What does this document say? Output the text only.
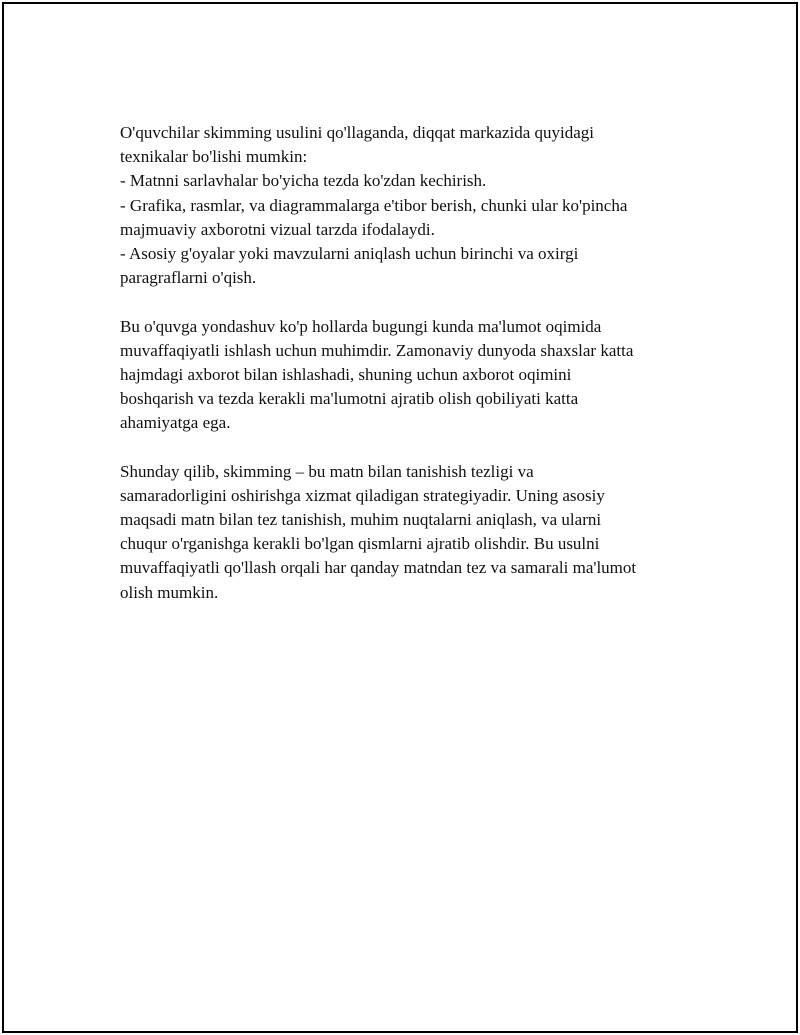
O'quvchilar skimming usulini qo'llaganda, diqqat markazida quyidagi
texnikalar bo'lishi mumkin:
- Matnni sarlavhalar bo'yicha tezda ko'zdan kechirish.
- Grafika, rasmlar, va diagrammalarga e'tibor berish, chunki ular ko'pincha
majmuaviy axborotni vizual tarzda ifodalaydi.
- Asosiy g'oyalar yoki mavzularni aniqlash uchun birinchi va oxirgi
paragraflarni o'qish.
Bu o'quvga yondashuv ko'p hollarda bugungi kunda ma'lumot oqimida
muvaffaqiyatli ishlash uchun muhimdir. Zamonaviy dunyoda shaxslar katta
hajmdagi axborot bilan ishlashadi, shuning uchun axborot oqimini
boshqarish va tezda kerakli ma'lumotni ajratib olish qobiliyati katta
ahamiyatga ega.
Shunday qilib, skimming – bu matn bilan tanishish tezligi va
samaradorligini oshirishga xizmat qiladigan strategiyadir. Uning asosiy
maqsadi matn bilan tez tanishish, muhim nuqtalarni aniqlash, va ularni
chuqur o'rganishga kerakli bo'lgan qismlarni ajratib olishdir. Bu usulni
muvaffaqiyatli qo'llash orqali har qanday matndan tez va samarali ma'lumot
olish mumkin.
